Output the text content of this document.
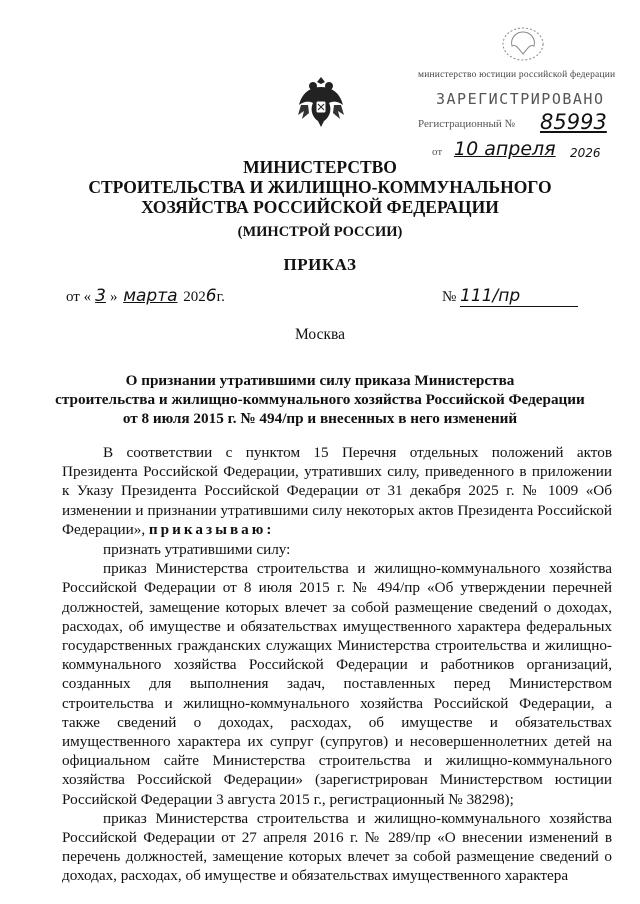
министерство юстиции российской федерации
ЗАРЕГИСТРИРОВАНО
Регистрационный № 85993
от 10 апреля 2026
МИНИСТЕРСТВО
СТРОИТЕЛЬСТВА И ЖИЛИЩНО-КОММУНАЛЬНОГО
ХОЗЯЙСТВА РОССИЙСКОЙ ФЕДЕРАЦИИ
(МИНСТРОЙ РОССИИ)
ПРИКАЗ
от « 3 » марта 2026г.	№ 111/пр
Москва
О признании утратившими силу приказа Министерства
строительства и жилищно-коммунального хозяйства Российской Федерации
от 8 июля 2015 г. № 494/пр и внесенных в него изменений

В соответствии с пунктом 15 Перечня отдельных положений актов Президента Российской Федерации, утративших силу, приведенного в приложении к Указу Президента Российской Федерации от 31 декабря 2025 г. № 1009 «Об изменении и признании утратившими силу некоторых актов Президента Российской Федерации», приказываю:

признать утратившими силу:

приказ Министерства строительства и жилищно-коммунального хозяйства Российской Федерации от 8 июля 2015 г. № 494/пр «Об утверждении перечней должностей, замещение которых влечет за собой размещение сведений о доходах, расходах, об имуществе и обязательствах имущественного характера федеральных государственных гражданских служащих Министерства строительства и жилищно-коммунального хозяйства Российской Федерации и работников организаций, созданных для выполнения задач, поставленных перед Министерством строительства и жилищно-коммунального хозяйства Российской Федерации, а также сведений о доходах, расходах, об имуществе и обязательствах имущественного характера их супруг (супругов) и несовершеннолетних детей на официальном сайте Министерства строительства и жилищно-коммунального хозяйства Российской Федерации» (зарегистрирован Министерством юстиции Российской Федерации 3 августа 2015 г., регистрационный № 38298);

приказ Министерства строительства и жилищно-коммунального хозяйства Российской Федерации от 27 апреля 2016 г. № 289/пр «О внесении изменений в перечень должностей, замещение которых влечет за собой размещение сведений о доходах, расходах, об имуществе и обязательствах имущественного характера
